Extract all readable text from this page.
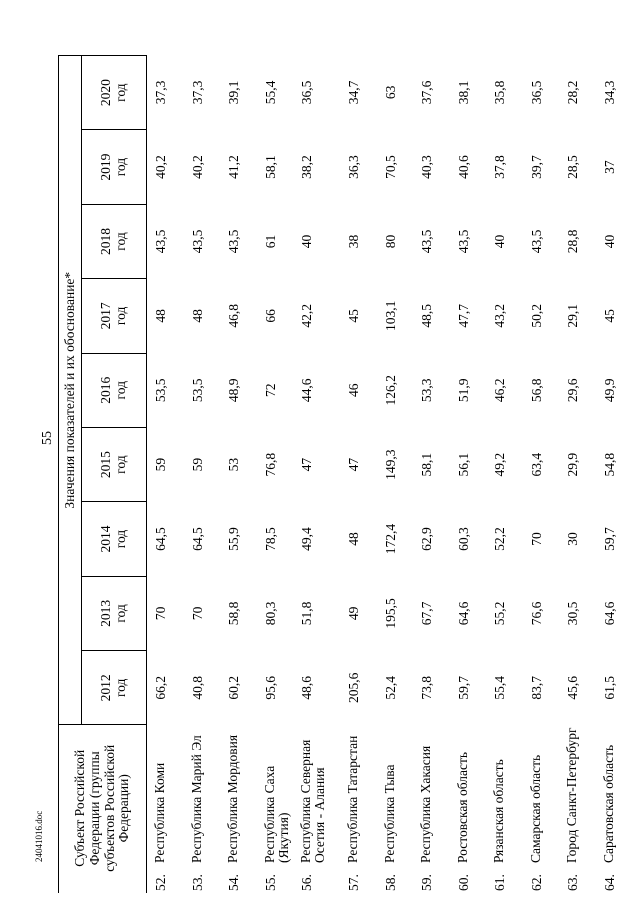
55
24041016.doc Субъект Российской Федерации (группы субъектов Российской Федерации)		Значения показателей и их обоснование*								

		2012 год	2013 год	2014 год	2015 год	2016 год	2017 год	2018 год	2019 год	2020 год

52.	Республика Коми	66,2	70	64,5	59	53,5	48	43,5	40,2	37,3
53.	Республика Марий Эл	40,8	70	64,5	59	53,5	48	43,5	40,2	37,3
54.	Республика Мордовия	60,2	58,8	55,9	53	48,9	46,8	43,5	41,2	39,1
55.	Республика Саха (Якутия)	95,6	80,3	78,5	76,8	72	66	61	58,1	55,4
56.	Республика Северная Осетия - Алания	48,6	51,8	49,4	47	44,6	42,2	40	38,2	36,5
57.	Республика Татарстан	205,6	49	48	47	46	45	38	36,3	34,7
58.	Республика Тыва	52,4	195,5	172,4	149,3	126,2	103,1	80	70,5	63
59.	Республика Хакасия	73,8	67,7	62,9	58,1	53,3	48,5	43,5	40,3	37,6
60.	Ростовская область	59,7	64,6	60,3	56,1	51,9	47,7	43,5	40,6	38,1
61.	Рязанская область	55,4	55,2	52,2	49,2	46,2	43,2	40	37,8	35,8
62.	Самарская область	83,7	76,6	70	63,4	56,8	50,2	43,5	39,7	36,5
63.	Город Санкт-Петербург	45,6	30,5	30	29,9	29,6	29,1	28,8	28,5	28,2
64.	Саратовская область	61,5	64,6	59,7	54,8	49,9	45	40	37	34,3
